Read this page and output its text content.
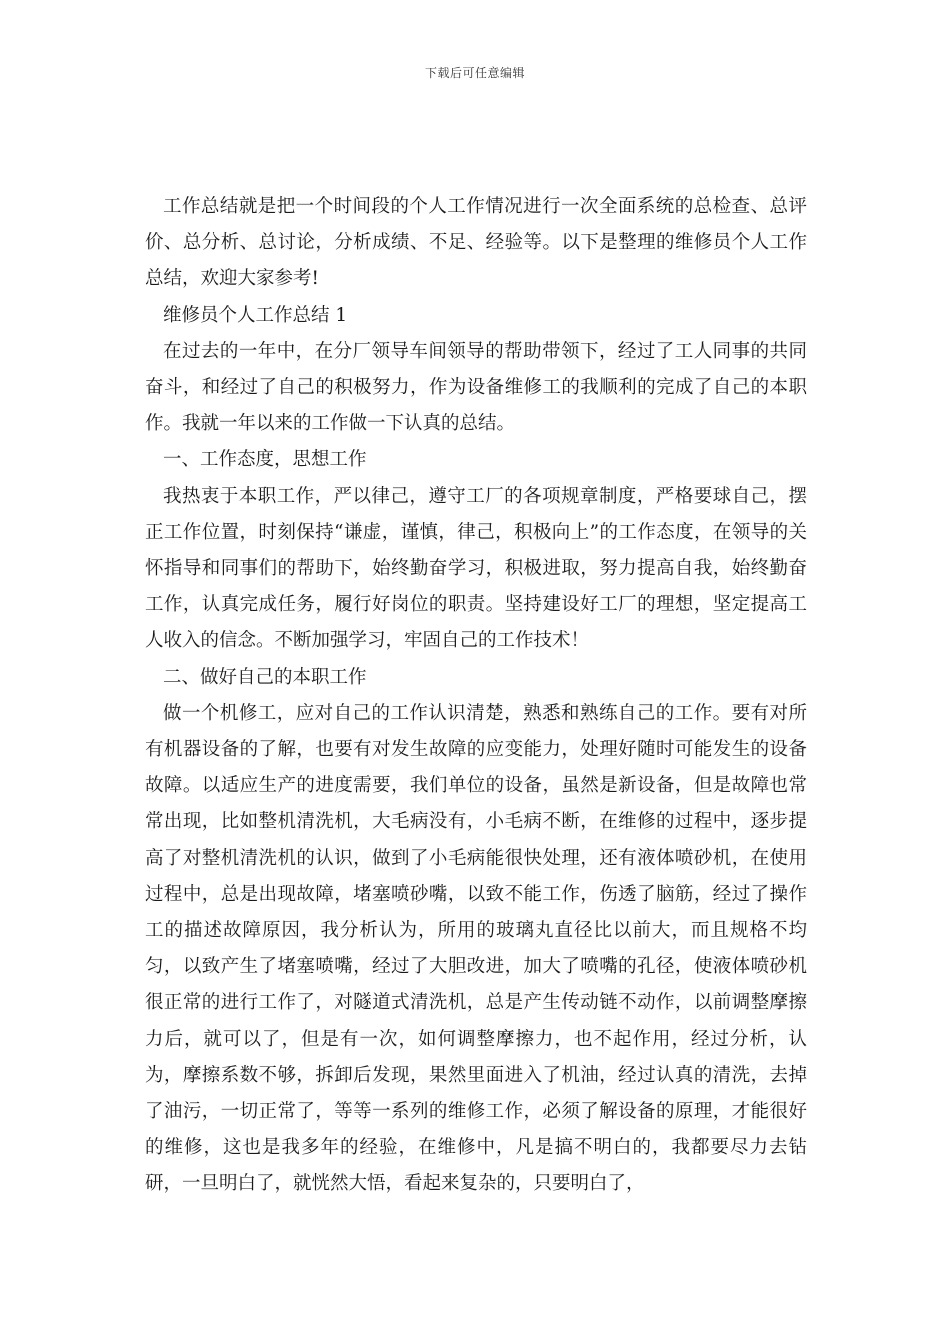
下载后可任意编辑

工作总结就是把一个时间段的个人工作情况进行一次全面系统的总检查、总评价、总分析、总讨论，分析成绩、不足、经验等。以下是整理的维修员个人工作总结，欢迎大家参考!

维修员个人工作总结 1

在过去的一年中，在分厂领导车间领导的帮助带领下，经过了工人同事的共同奋斗，和经过了自己的积极努力，作为设备维修工的我顺利的完成了自己的本职作。我就一年以来的工作做一下认真的总结。

一、工作态度，思想工作

我热衷于本职工作，严以律己，遵守工厂的各项规章制度，严格要球自己，摆正工作位置，时刻保持“谦虚，谨慎，律己，积极向上”的工作态度，在领导的关怀指导和同事们的帮助下，始终勤奋学习，积极进取，努力提高自我，始终勤奋工作，认真完成任务，履行好岗位的职责。坚持建设好工厂的理想，坚定提高工人收入的信念。不断加强学习，牢固自己的工作技术！

二、做好自己的本职工作

做一个机修工，应对自己的工作认识清楚，熟悉和熟练自己的工作。要有对所有机器设备的了解，也要有对发生故障的应变能力，处理好随时可能发生的设备故障。以适应生产的进度需要，我们单位的设备，虽然是新设备，但是故障也常常出现，比如整机清洗机，大毛病没有，小毛病不断，在维修的过程中，逐步提高了对整机清洗机的认识，做到了小毛病能很快处理，还有液体喷砂机，在使用过程中，总是出现故障，堵塞喷砂嘴，以致不能工作，伤透了脑筋，经过了操作工的描述故障原因，我分析认为，所用的玻璃丸直径比以前大，而且规格不均匀，以致产生了堵塞喷嘴，经过了大胆改进，加大了喷嘴的孔径，使液体喷砂机很正常的进行工作了，对隧道式清洗机，总是产生传动链不动作，以前调整摩擦力后，就可以了，但是有一次，如何调整摩擦力，也不起作用，经过分析，认为，摩擦系数不够，拆卸后发现，果然里面进入了机油，经过认真的清洗，去掉了油污，一切正常了，等等一系列的维修工作，必须了解设备的原理，才能很好的维修，这也是我多年的经验，在维修中，凡是搞不明白的，我都要尽力去钻研，一旦明白了，就恍然大悟，看起来复杂的，只要明白了，
